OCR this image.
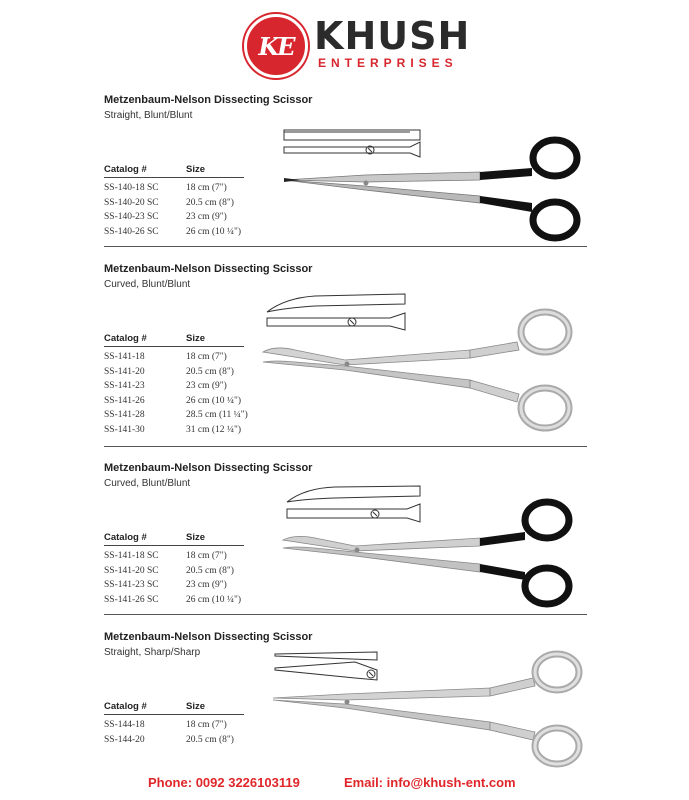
KE KHUSH
ENTERPRISES
Metzenbaum-Nelson Dissecting Scissor
Straight, Blunt/Blunt
Catalog #	Size
SS-140-18 SC	18 cm (7")
SS-140-20 SC	20.5 cm (8")
SS-140-23 SC	23 cm (9")
SS-140-26 SC	26 cm (10 ¼")
Metzenbaum-Nelson Dissecting Scissor
Curved, Blunt/Blunt
Catalog #	Size
SS-141-18	18 cm (7")
SS-141-20	20.5 cm (8")
SS-141-23	23 cm (9")
SS-141-26	26 cm (10 ¼")
SS-141-28	28.5 cm (11 ¼")
SS-141-30	31 cm (12 ¼")
Metzenbaum-Nelson Dissecting Scissor
Curved, Blunt/Blunt
Catalog #	Size
SS-141-18 SC	18 cm (7")
SS-141-20 SC	20.5 cm (8")
SS-141-23 SC	23 cm (9")
SS-141-26 SC	26 cm (10 ¼")
Metzenbaum-Nelson Dissecting Scissor
Straight, Sharp/Sharp
Catalog #	Size
SS-144-18	18 cm (7")
SS-144-20	20.5 cm (8")
Phone: 0092 3226103119	Email: info@khush-ent.com
